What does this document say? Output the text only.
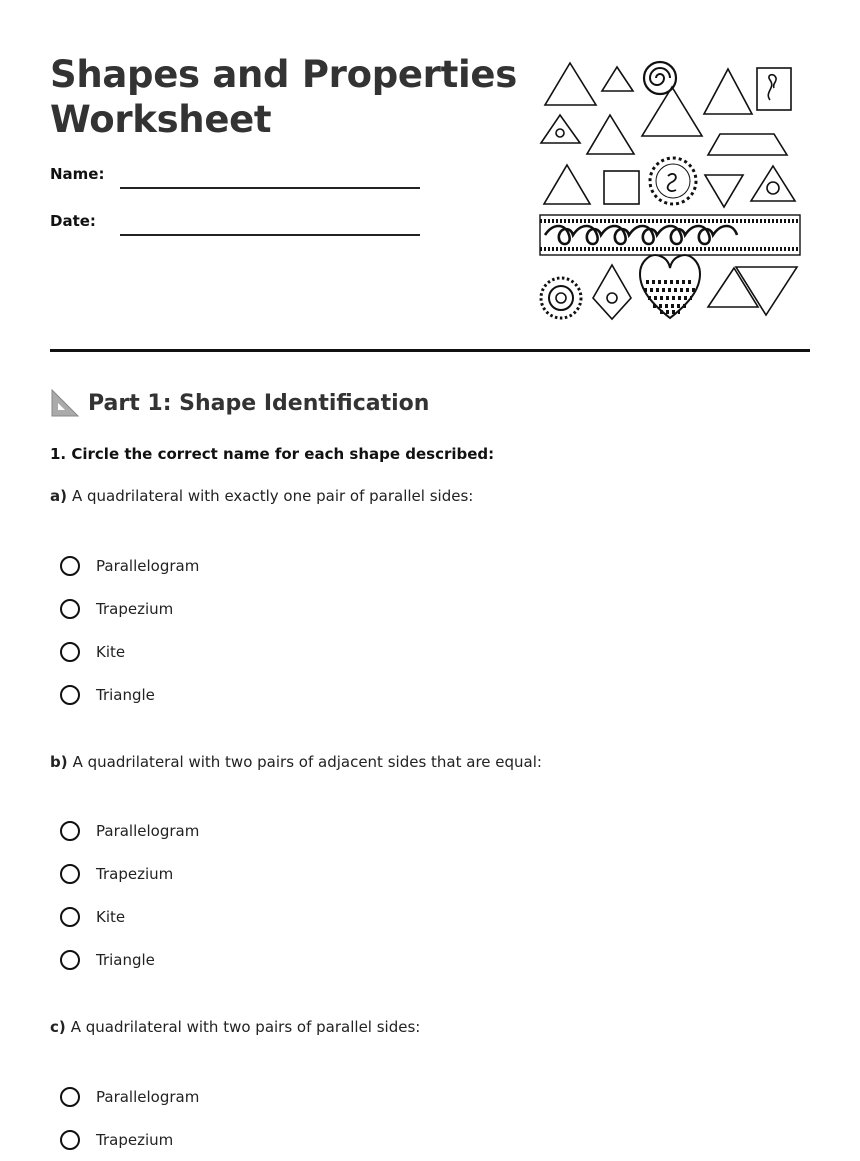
Shapes and Properties
Worksheet
Name:
Date:
Part 1: Shape Identification
1. Circle the correct name for each shape described:
a) A quadrilateral with exactly one pair of parallel sides:
Parallelogram
Trapezium
Kite
Triangle
b) A quadrilateral with two pairs of adjacent sides that are equal:
Parallelogram
Trapezium
Kite
Triangle
c) A quadrilateral with two pairs of parallel sides:
Parallelogram
Trapezium
